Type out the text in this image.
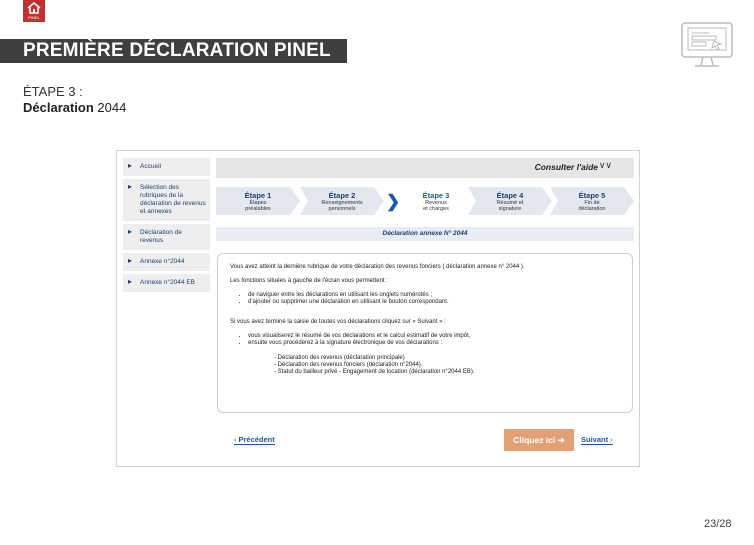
PINEL
PREMIÈRE DÉCLARATION PINEL
ÉTAPE 3 :
Déclaration 2044
▸ Accueil
▸ Sélection des rubriques de la déclaration de revenus et annexes
▸ Déclaration de revenus
▸ Annexe n°2044
▸ Annexe n°2044 EB
Consulter l'aide ∨∨
Étape 1
Étapes
préalables
Étape 2
Renseignements
personnels	❯	Étape 3
Revenus
et charges
Étape 4
Résumé et
signature
Étape 5
Fin de
déclaration
Déclaration annexe N° 2044

Vous avez atteint la dernière rubrique de votre déclaration des revenus fonciers ( déclaration annexe n° 2044 ).

Les fonctions situées à gauche de l'écran vous permettent :

• de naviguer entre les déclarations en utilisant les onglets numérotés ;
• d'ajouter ou supprimer une déclaration en utilisant le bouton correspondant.

Si vous avez terminé la saisie de toutes vos déclarations cliquez sur « Suivant » :

• vous visualiserez le résumé de vos déclarations et le calcul estimatif de votre impôt,
• ensuite vous procéderez à la signature électronique de vos déclarations :
- Déclaration des revenus (déclaration principale)
- Déclaration des revenus fonciers (déclaration n°2044).
- Statut du bailleur privé - Engagement de location (déclaration n°2044 EB).
‹ Précédent	Cliquez ici ➔	Suivant ›
23/28
